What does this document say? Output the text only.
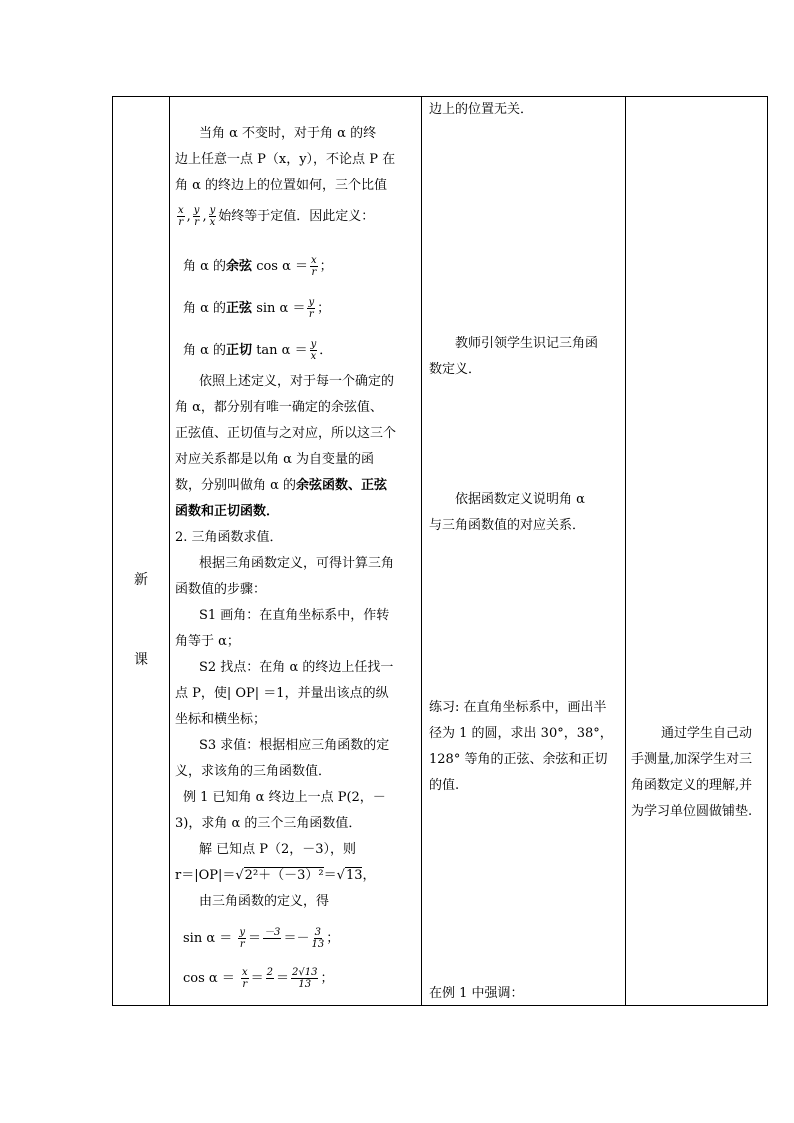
新
课
当角 α 不变时，对于角 α 的终
边上任意一点 P（x，y），不论点 P 在
角 α 的终边上的位置如何，三个比值
$\frac{x}{r}$ , $\frac{y}{r}$ , $\frac{y}{x}$ 始终等于定值．因此定义：
角 α 的余弦 $\cos \alpha = \frac{x}{r}$ ；
角 α 的正弦 $\sin \alpha = \frac{y}{r}$ ；
角 α 的正切 $\tan \alpha = \frac{y}{x}$ ．
依照上述定义，对于每一个确定的
角 α，都分别有唯一确定的余弦值、
正弦值、正切值与之对应，所以这三个
对应关系都是以角 α 为自变量的函
数，分别叫做角 α 的余弦函数、正弦
函数和正切函数．
2. 三角函数求值．
根据三角函数定义，可得计算三角
函数值的步骤：
S1 画角：在直角坐标系中，作转
角等于 α；
S2 找点：在角 α 的终边上任找一
点 P，使| OP| ＝1，并量出该点的纵
坐标和横坐标；
S3 求值：根据相应三角函数的定
义，求该角的三角函数值．
例 1 已知角 α 终边上一点 P(2，－
3)，求角 α 的三个三角函数值．
解 已知点 P（2，－3），则
r＝|OP|＝√2²＋（－3）²＝√13，
由三角函数的定义，得
$\sin \alpha = \frac{y}{r} = -3$
＝－ $\frac{3}{13}$ ；
$\cos \alpha = \frac{x}{r} = 2$
＝ $\frac{2√13}{13}$ ；
边上的位置无关．
教师引领学生识记三角函
数定义．
依据函数定义说明角 α
与三角函数值的对应关系．
练习: 在直角坐标系中，画出半
径为 1 的圆，求出 30°，38°，
128° 等角的正弦、余弦和正切
的值.
在例 1 中强调：
通过学生自己动
手测量,加深学生对三
角函数定义的理解,并
为学习单位圆做铺垫.
